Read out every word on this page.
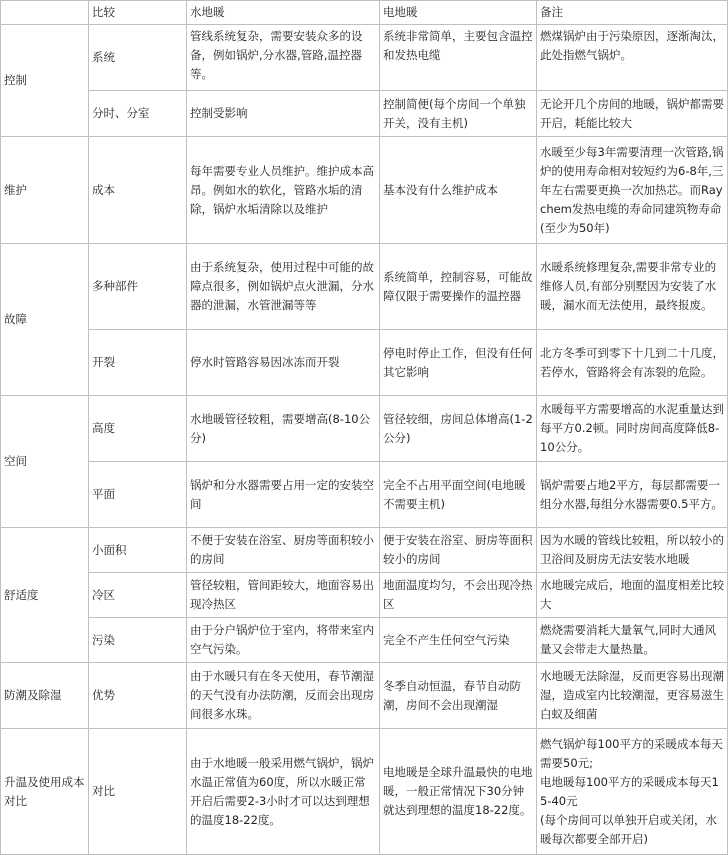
	比较	水地暖	电地暖	备注
控制	系统	管线系统复杂，需要安装众多的设备，例如锅炉,分水器,管路,温控器等。	系统非常简单，主要包含温控和发热电缆	燃煤锅炉由于污染原因，逐渐淘汰，此处指燃气锅炉。
	分时、分室	控制受影响	控制简便(每个房间一个单独开关，没有主机)	无论开几个房间的地暖，锅炉都需要开启，耗能比较大
维护	成本	每年需要专业人员维护。维护成本高昂。例如水的软化，管路水垢的清除，锅炉水垢清除以及维护	基本没有什么维护成本	水暖至少每3年需要清理一次管路,锅炉的使用寿命相对较短约为6-8年,三年左右需要更换一次加热芯。而Raychem发热电缆的寿命同建筑物寿命(至少为50年)
故障	多种部件	由于系统复杂，使用过程中可能的故障点很多，例如锅炉点火泄漏，分水器的泄漏，水管泄漏等等	系统简单，控制容易，可能故障仅限于需要操作的温控器	水暖系统修理复杂,需要非常专业的维修人员,有部分别墅因为安装了水暖，漏水而无法使用，最终报废。
	开裂	停水时管路容易因冰冻而开裂	停电时停止工作，但没有任何其它影响	北方冬季可到零下十几到二十几度，若停水，管路将会有冻裂的危险。
空间	高度	水地暖管径较粗，需要增高(8-10公分)	管径较细，房间总体增高(1-2公分)	水暖每平方需要增高的水泥重量达到每平方0.2顿。同时房间高度降低8-10公分。
	平面	锅炉和分水器需要占用一定的安装空间	完全不占用平面空间(电地暖不需要主机)	锅炉需要占地2平方，每层都需要一组分水器,每组分水器需要0.5平方。
舒适度	小面积	不便于安装在浴室、厨房等面积较小的房间	便于安装在浴室、厨房等面积较小的房间	因为水暖的管线比较粗，所以较小的卫浴间及厨房无法安装水地暖
	冷区	管径较粗，管间距较大，地面容易出现冷热区	地面温度均匀，不会出现冷热区	水地暖完成后，地面的温度相差比较大
	污染	由于分户锅炉位于室内，将带来室内空气污染。	完全不产生任何空气污染	燃烧需要消耗大量氧气,同时大通风量又会带走大量热量。
防潮及除湿	优势	由于水暖只有在冬天使用，春节潮湿的天气没有办法防潮，反而会出现房间很多水珠。	冬季自动恒温，春节自动防潮，房间不会出现潮湿	水地暖无法除湿，反而更容易出现潮湿，造成室内比较潮湿，更容易滋生白蚁及细菌
升温及使用成本对比	对比	由于水地暖一般采用燃气锅炉，锅炉水温正常值为60度，所以水暖正常开启后需要2-3小时才可以达到理想的温度18-22度。	电地暖是全球升温最快的电地暖，一般正常情况下30分钟就达到理想的温度18-22度。	燃气锅炉每100平方的采暖成本每天需要50元;
电地暖每100平方的采暖成本每天15-40元
(每个房间可以单独开启或关闭，水暖每次都要全部开启)
